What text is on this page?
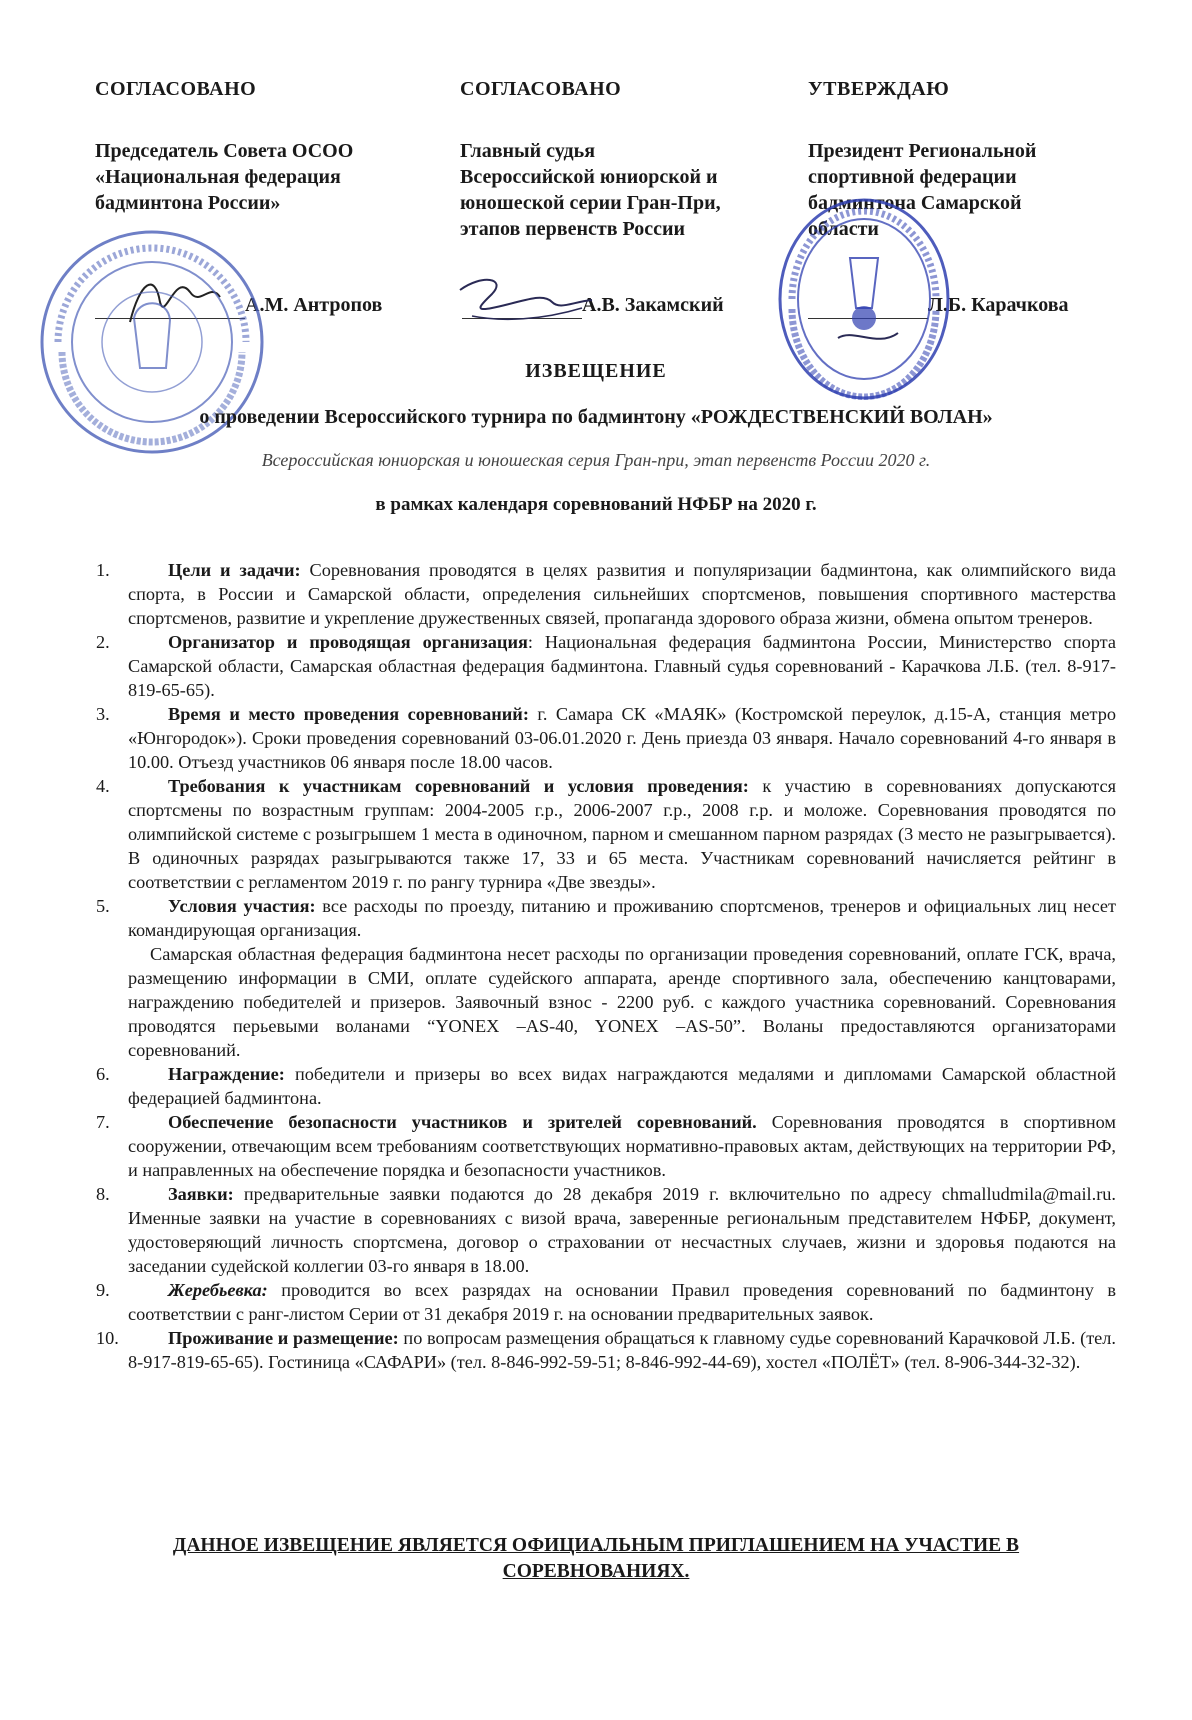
СОГЛАСОВАНО
Председатель Совета ОСОО
«Национальная федерация
бадминтона России»
СОГЛАСОВАНО
Главный судья
Всероссийской юниорской и
юношеской серии Гран-При,
этапов первенств России
УТВЕРЖДАЮ
Президент Региональной
спортивной федерации
бадминтона Самарской
области
А.М. Антропов	А.В. Закамский	Л.Б. Карачкова
ИЗВЕЩЕНИЕ
о проведении Всероссийского турнира по бадминтону «РОЖДЕСТВЕНСКИЙ ВОЛАН»
Всероссийская юниорская и юношеская серия Гран-при, этап первенств России 2020 г.
в рамках календаря соревнований НФБР на 2020 г.
1.	Цели и задачи: Соревнования проводятся в целях развития и популяризации бадминтона, как олимпийского вида спорта, в России и Самарской области, определения сильнейших спортсменов, повышения спортивного мастерства спортсменов, развитие и укрепление дружественных связей, пропаганда здорового образа жизни, обмена опытом тренеров.
2.	Организатор и проводящая организация: Национальная федерация бадминтона России, Министерство спорта Самарской области, Самарская областная федерация бадминтона. Главный судья соревнований - Карачкова Л.Б. (тел. 8-917-819-65-65).
3.	Время и место проведения соревнований: г. Самара СК «МАЯК» (Костромской переулок, д.15-А, станция метро «Юнгородок»). Сроки проведения соревнований 03-06.01.2020 г. День приезда 03 января. Начало соревнований 4-го января в 10.00. Отъезд участников 06 января после 18.00 часов.
4.	Требования к участникам соревнований и условия проведения: к участию в соревнованиях допускаются спортсмены по возрастным группам: 2004-2005 г.р., 2006-2007 г.р., 2008 г.р. и моложе. Соревнования проводятся по олимпийской системе с розыгрышем 1 места в одиночном, парном и смешанном парном разрядах (3 место не разыгрывается). В одиночных разрядах разыгрываются также 17, 33 и 65 места. Участникам соревнований начисляется рейтинг в соответствии с регламентом 2019 г. по рангу турнира «Две звезды».
5.	Условия участия: все расходы по проезду, питанию и проживанию спортсменов, тренеров и официальных лиц несет командирующая организация.
Самарская областная федерация бадминтона несет расходы по организации проведения соревнований, оплате ГСК, врача, размещению информации в СМИ, оплате судейского аппарата, аренде спортивного зала, обеспечению канцтоварами, награждению победителей и призеров. Заявочный взнос - 2200 руб. с каждого участника соревнований. Соревнования проводятся перьевыми воланами “YONEX –AS-40, YONEX –AS-50”. Воланы предоставляются организаторами соревнований.
6.	Награждение: победители и призеры во всех видах награждаются медалями и дипломами Самарской областной федерацией бадминтона.
7.	Обеспечение безопасности участников и зрителей соревнований. Соревнования проводятся в спортивном сооружении, отвечающим всем требованиям соответствующих нормативно-правовых актам, действующих на территории РФ, и направленных на обеспечение порядка и безопасности участников.
8.	Заявки: предварительные заявки подаются до 28 декабря 2019 г. включительно по адресу chmalludmila@mail.ru. Именные заявки на участие в соревнованиях с визой врача, заверенные региональным представителем НФБР, документ, удостоверяющий личность спортсмена, договор о страховании от несчастных случаев, жизни и здоровья подаются на заседании судейской коллегии 03-го января в 18.00.
9.	Жеребьевка: проводится во всех разрядах на основании Правил проведения соревнований по бадминтону в соответствии с ранг-листом Серии от 31 декабря 2019 г. на основании предварительных заявок.
10.	Проживание и размещение: по вопросам размещения обращаться к главному судье соревнований Карачковой Л.Б. (тел. 8-917-819-65-65). Гостиница «САФАРИ» (тел. 8-846-992-59-51; 8-846-992-44-69), хостел «ПОЛЁТ» (тел. 8-906-344-32-32).
ДАННОЕ ИЗВЕЩЕНИЕ ЯВЛЯЕТСЯ ОФИЦИАЛЬНЫМ ПРИГЛАШЕНИЕМ НА УЧАСТИЕ В
СОРЕВНОВАНИЯХ.
